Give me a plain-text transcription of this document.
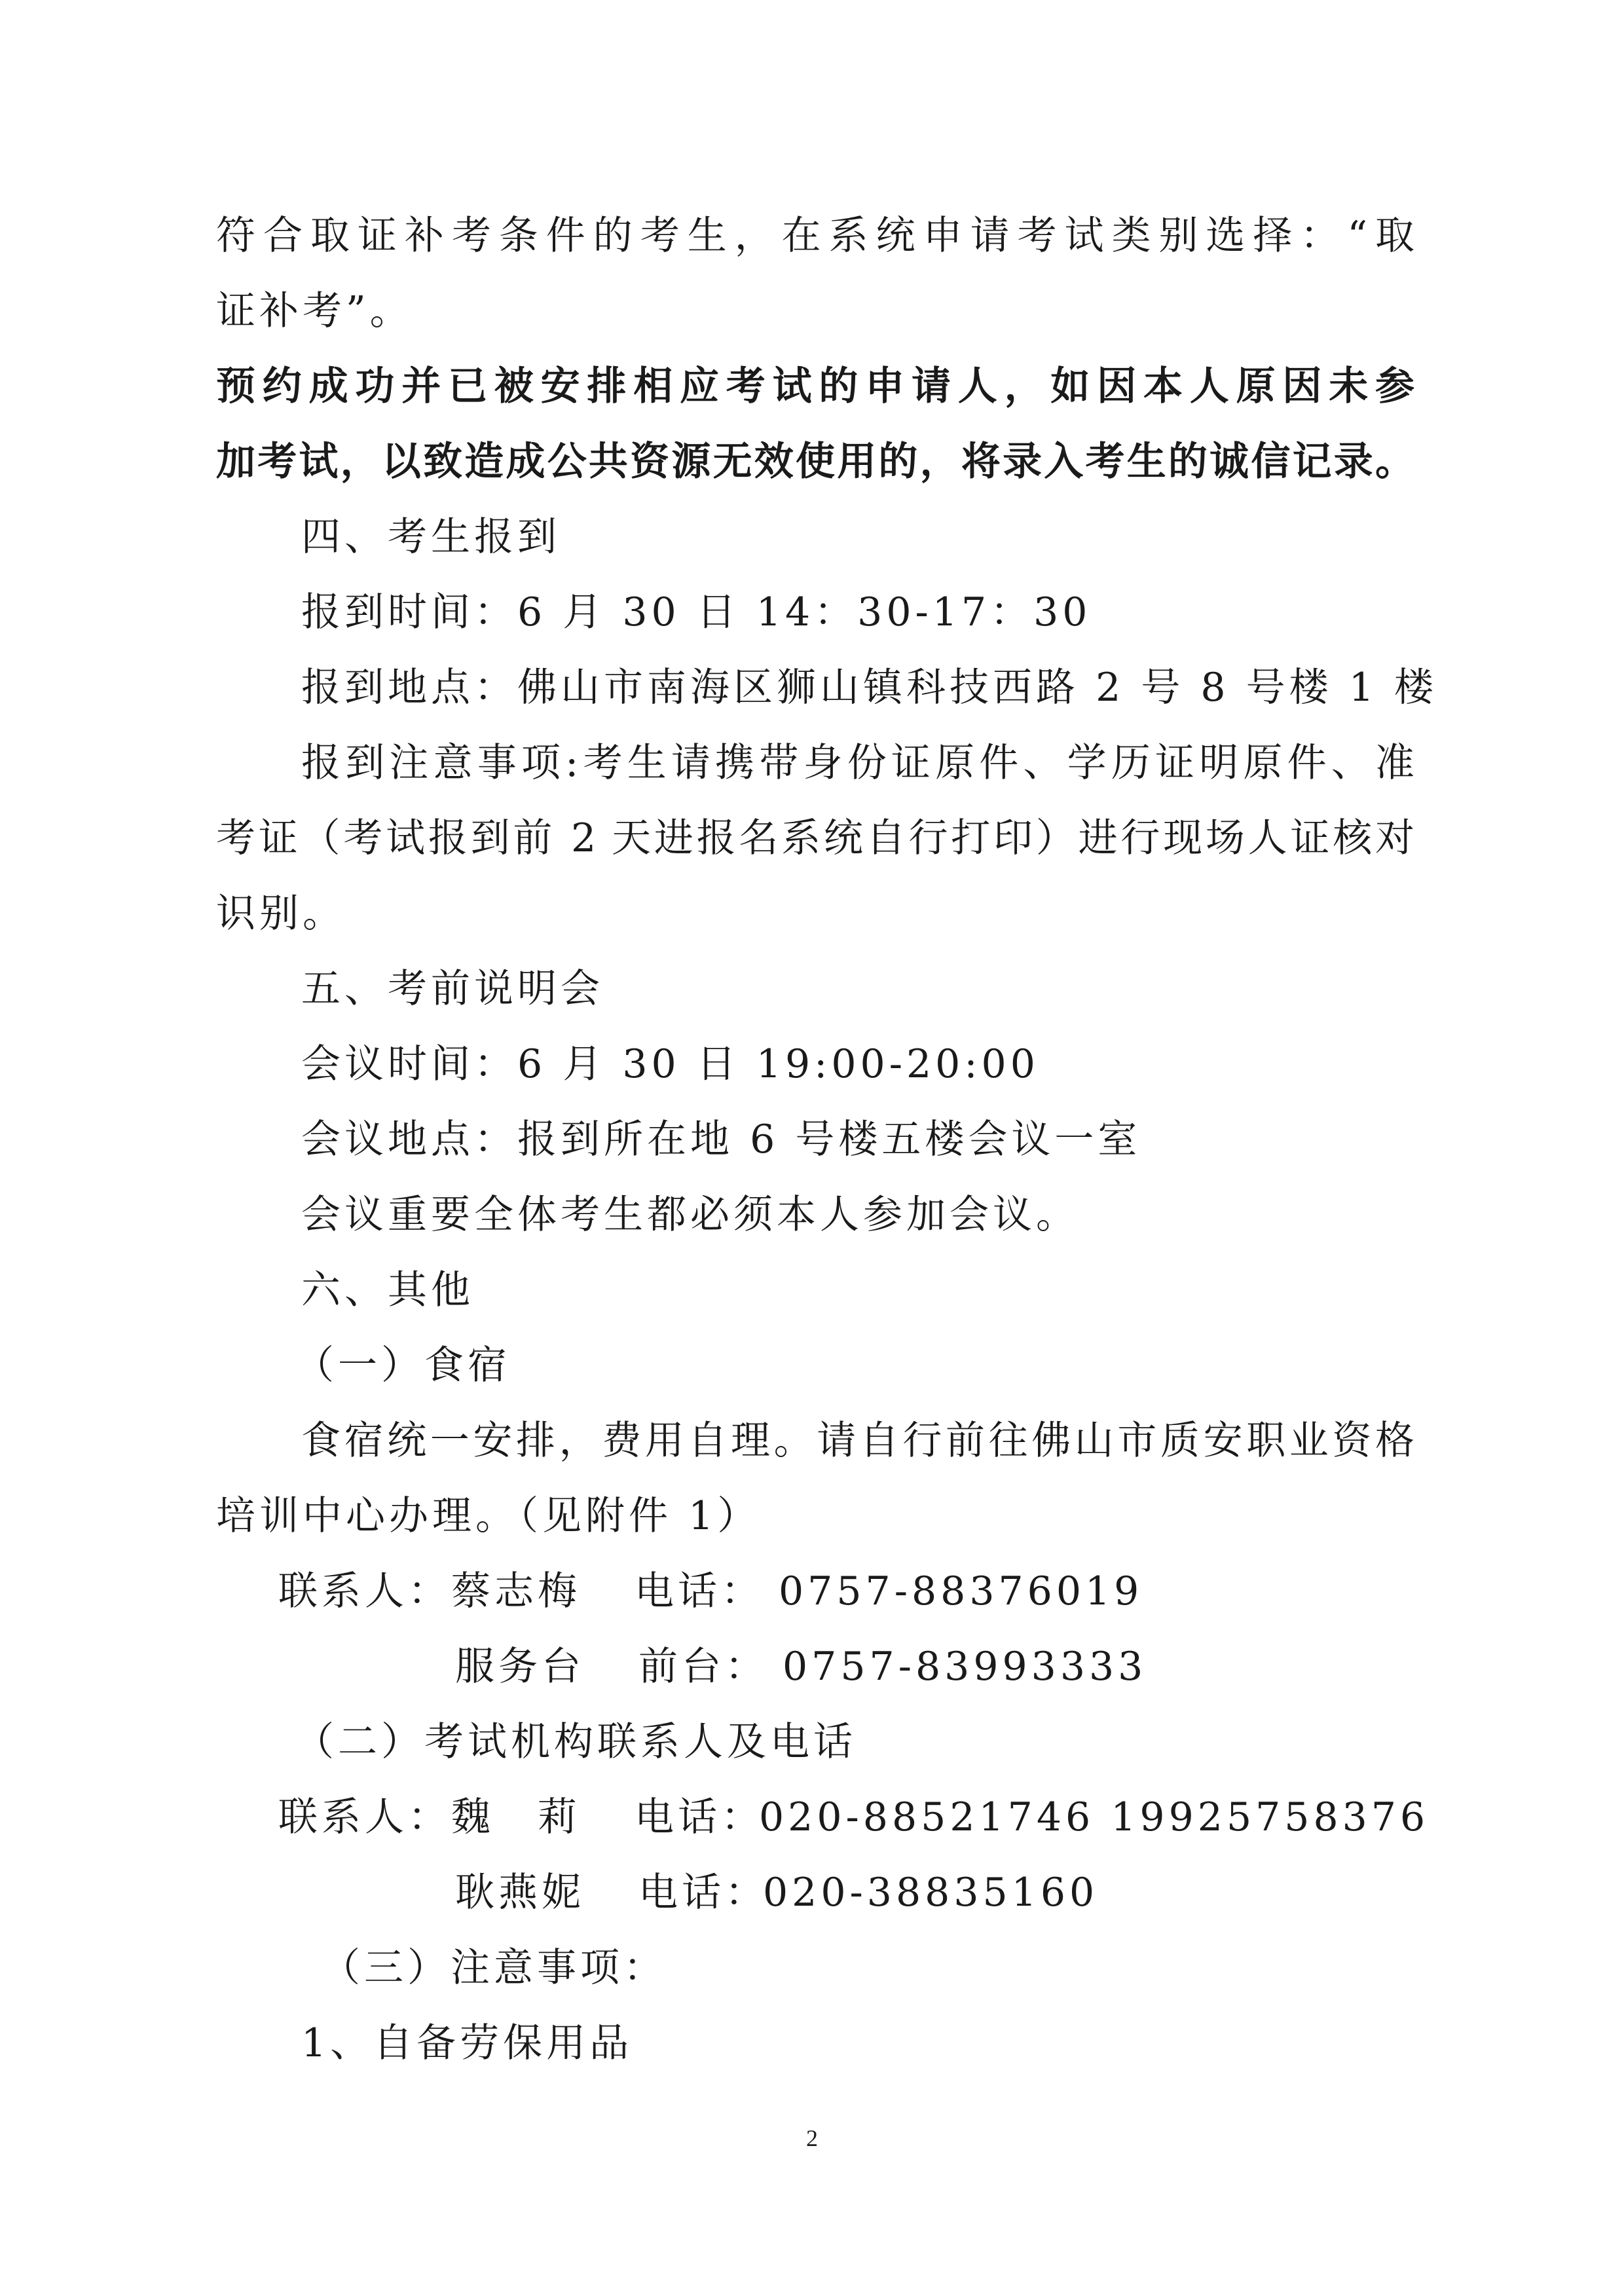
符合取证补考条件的考生，在系统申请考试类别选择：“取
证补考”。
预约成功并已被安排相应考试的申请人，如因本人原因未参
加考试，以致造成公共资源无效使用的，将录入考生的诚信记录。
四、考生报到
报到时间：6 月 30 日 14：30-17：30
报到地点：佛山市南海区狮山镇科技西路 2 号 8 号楼 1 楼
报到注意事项:考生请携带身份证原件、学历证明原件、准
考证（考试报到前 2 天进报名系统自行打印）进行现场人证核对
识别。
五、考前说明会
会议时间：6 月 30 日 19:00-20:00
会议地点：报到所在地 6 号楼五楼会议一室
会议重要全体考生都必须本人参加会议。
六、其他
（一）食宿
食宿统一安排，费用自理。请自行前往佛山市质安职业资格
培训中心办理。（见附件 1）
联系人：蔡志梅 电话： 0757-88376019
服务台 前台： 0757-83993333
（二）考试机构联系人及电话
联系人：魏　莉 电话：020-88521746 19925758376
耿燕妮 电话：020-38835160
（三）注意事项：
1、自备劳保用品
2
